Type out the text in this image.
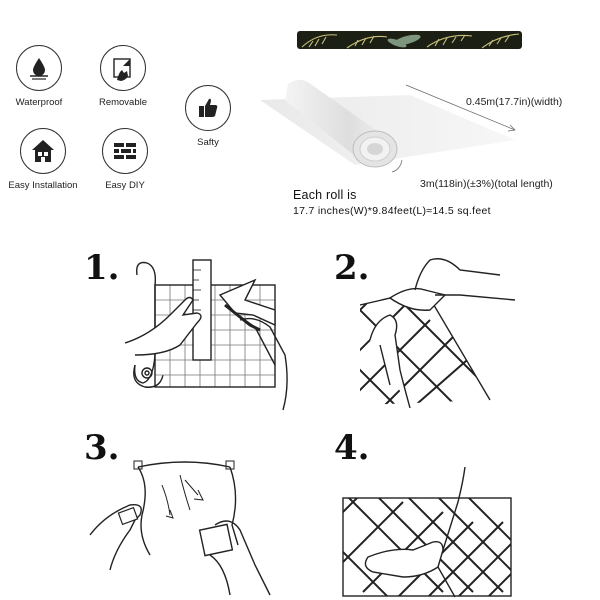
Waterproof	Removable
Safty
Easy Installation	Easy DIY
0.45m(17.7in)(width)
3m(118in)(±3%)(total length)
Each roll is
17.7 inches(W)*9.84feet(L)≈14.5 sq.feet
1.	2.
3.	4.
